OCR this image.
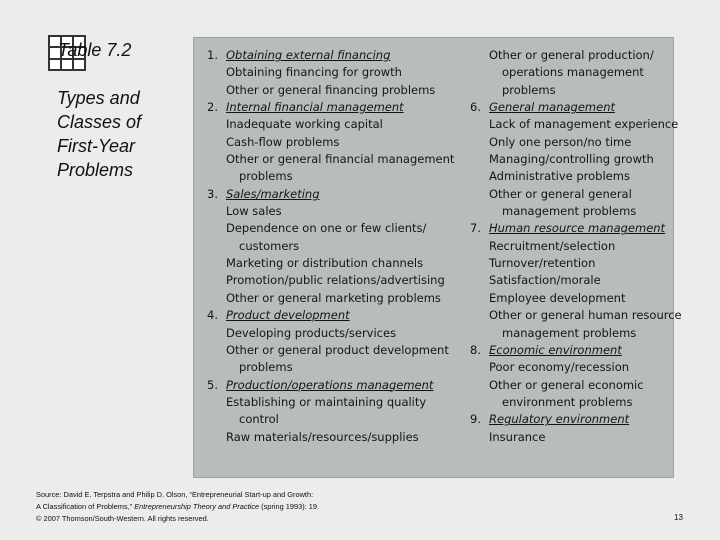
Table 7.2
Types and Classes of First-Year Problems
1. Obtaining external financing
Obtaining financing for growth
Other or general financing problems
2. Internal financial management
Inadequate working capital
Cash-flow problems
Other or general financial management
problems
3. Sales/marketing
Low sales
Dependence on one or few clients/
customers
Marketing or distribution channels
Promotion/public relations/advertising
Other or general marketing problems
4. Product development
Developing products/services
Other or general product development
problems
5. Production/operations management
Establishing or maintaining quality
control
Raw materials/resources/supplies
Other or general production/
operations management
problems
6. General management
Lack of management experience
Only one person/no time
Managing/controlling growth
Administrative problems
Other or general general
management problems
7. Human resource management
Recruitment/selection
Turnover/retention
Satisfaction/morale
Employee development
Other or general human resource
management problems
8. Economic environment
Poor economy/recession
Other or general economic
environment problems
9. Regulatory environment
Insurance
Source: David E. Terpstra and Philip D. Olson, “Entrepreneurial Start-up and Growth:
A Classification of Problems,” Entrepreneurship Theory and Practice (spring 1993): 19.
© 2007 Thomson/South-Western. All rights reserved.	13
